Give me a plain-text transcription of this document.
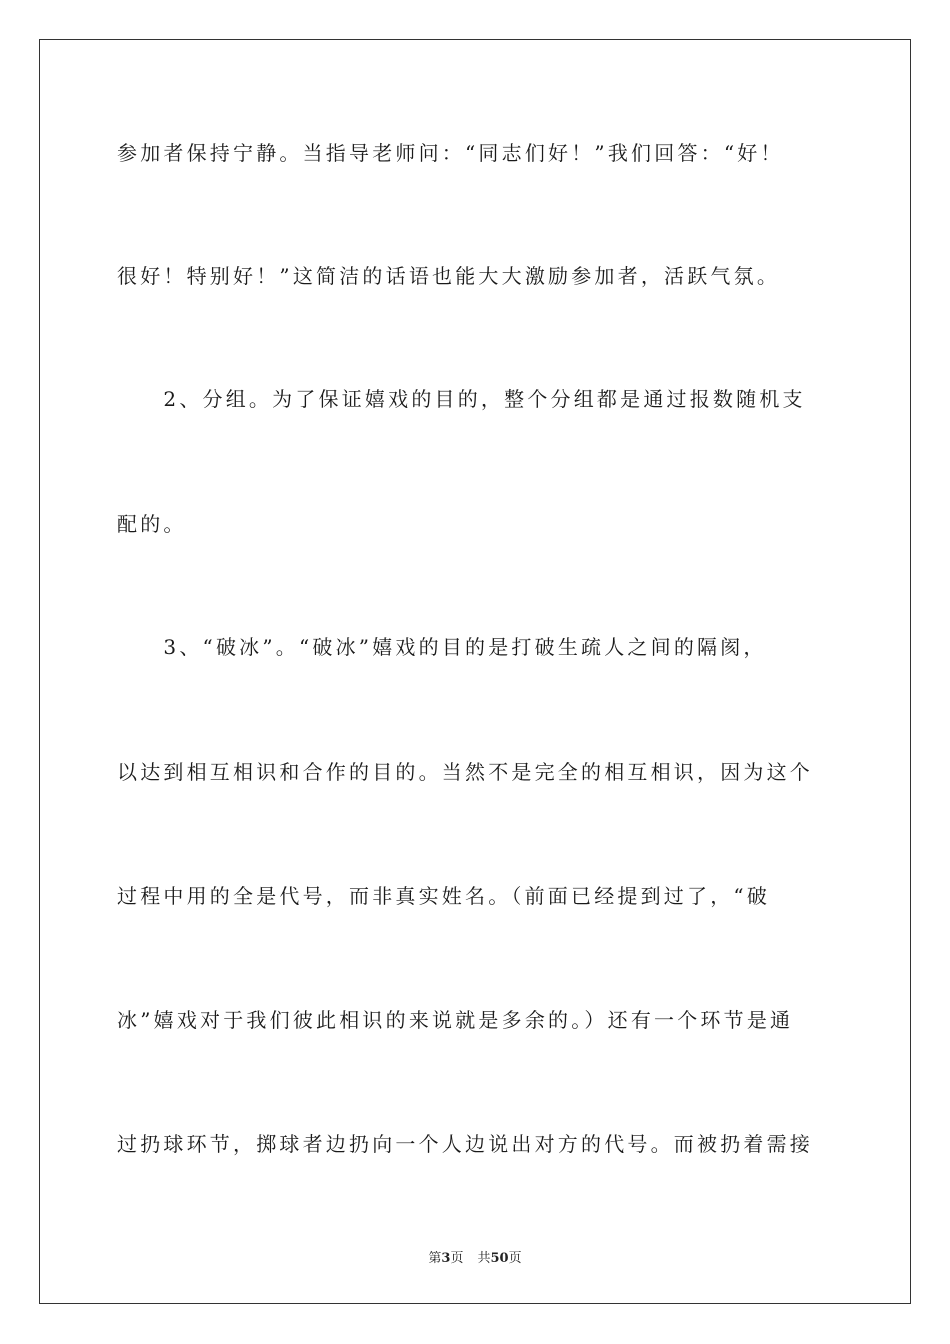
参加者保持宁静。当指导老师问：“同志们好！”我们回答：“好！
很好！特别好！”这简洁的话语也能大大激励参加者，活跃气氛。
　　2、分组。为了保证嬉戏的目的，整个分组都是通过报数随机支
配的。
　　3、“破冰”。“破冰”嬉戏的目的是打破生疏人之间的隔阂，
以达到相互相识和合作的目的。当然不是完全的相互相识，因为这个
过程中用的全是代号，而非真实姓名。（前面已经提到过了，“破
冰”嬉戏对于我们彼此相识的来说就是多余的。）还有一个环节是通
过扔球环节，掷球者边扔向一个人边说出对方的代号。而被扔着需接
第3页 共50页
